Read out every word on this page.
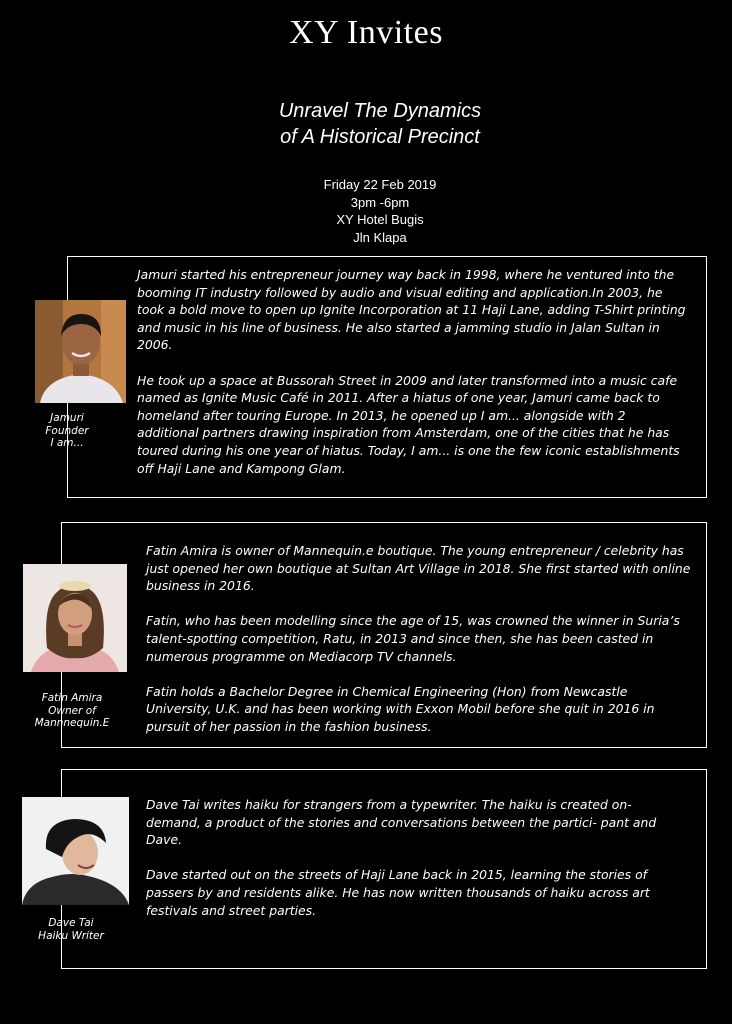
XY Invites
Unravel The Dynamics
of A Historical Precinct
Friday 22 Feb 2019
3pm -6pm
XY Hotel Bugis
Jln Klapa
Jamuri
Founder
I am...

Jamuri started his entrepreneur journey way back in 1998, where he ventured into the booming IT industry followed by audio and visual editing and application.In 2003, he took a bold move to open up Ignite Incorporation at 11 Haji Lane, adding T-Shirt printing and music in his line of business. He also started a jamming studio in Jalan Sultan in 2006.

He took up a space at Bussorah Street in 2009 and later transformed into a music cafe named as Ignite Music Café in 2011. After a hiatus of one year, Jamuri came back to homeland after touring Europe. In 2013, he opened up I am... alongside with 2 additional partners drawing inspiration from Amsterdam, one of the cities that he has toured during his one year of hiatus. Today, I am... is one the few iconic establishments off Haji Lane and Kampong Glam.

Fatin Amira
Owner of
Mannnequin.E

Fatin Amira is owner of Mannequin.e boutique. The young entrepreneur / celebrity has just opened her own boutique at Sultan Art Village in 2018. She first started with online business in 2016.

Fatin, who has been modelling since the age of 15, was crowned the winner in Suria’s talent-spotting competition, Ratu, in 2013 and since then, she has been casted in numerous programme on Mediacorp TV channels.

Fatin holds a Bachelor Degree in Chemical Engineering (Hon) from Newcastle University, U.K. and has been working with Exxon Mobil before she quit in 2016 in pursuit of her passion in the fashion business.

Dave Tai
Haiku Writer

Dave Tai writes haiku for strangers from a typewriter. The haiku is created on-demand, a product of the stories and conversations between the partici- pant and Dave.

Dave started out on the streets of Haji Lane back in 2015, learning the stories of passers by and residents alike. He has now written thousands of haiku across art festivals and street parties.
